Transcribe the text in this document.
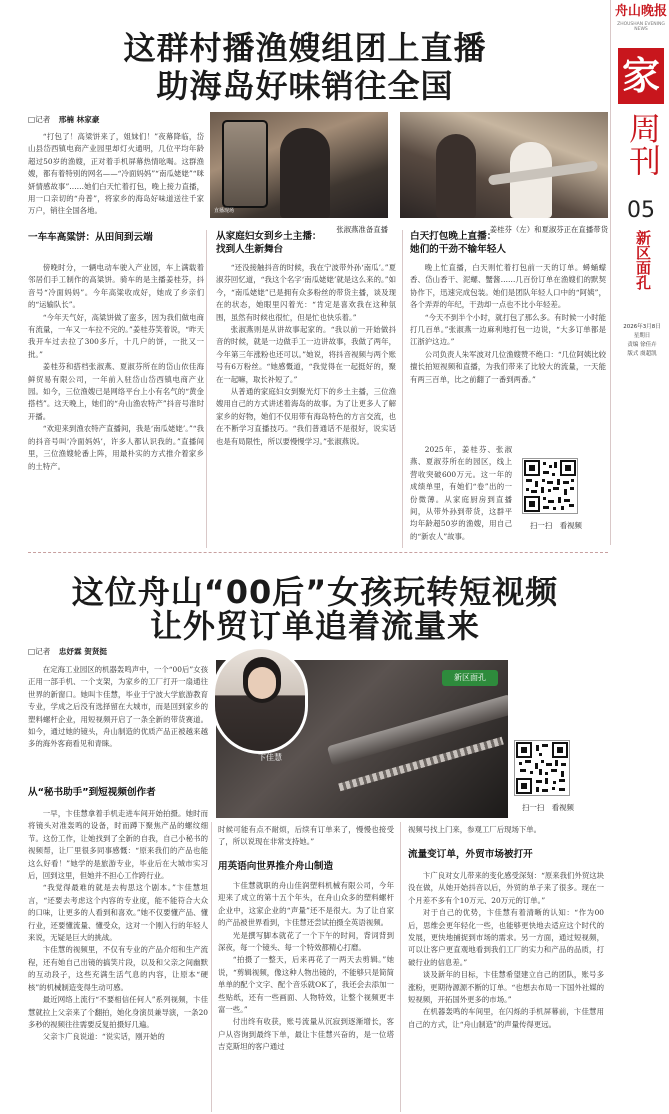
舟山晚报
ZHOUSHAN EVENING NEWS
家
周刊
05
新区面孔
2026年3月8日
星期日
责编 徐佳卉
版式 虞超凯
这群村播渔嫂组团上直播
助海岛好味销往全国
□记者 邢楠 林家豪

“打包了！高梁饼来了，姐妹们！”夜幕降临，岱山县岱西镇电商产业园里却灯火通明，几位平均年龄超过50岁的渔嫂，正对着手机屏幕热情吆喝。这群渔嫂，都有着特别的网名——“冷面妈妈”“南瓜姥姥”“咪妍情感故事”……她们白天忙着打包，晚上接力直播，用一口亲切的“舟普”，将家乡的海岛好味道送往千家万户，销往全国各地。	直播现场
张淑燕准备直播	姜桂芬（左）和夏淑芬正在直播带货
一车车高粱饼：从田间到云端

傍晚时分，一辆电动车驶入产业园，车上满载着邻居们手工制作的高粱饼。骑车的是主播姜桂芬，抖音号“冷面妈妈”。今年高粱收成好，她成了乡亲们的“运输队长”。

“今年天气好，高粱饼做了蛮多，因为我们做电商有流量，一车又一车拉不完的。”姜桂芬笑着说，“昨天我开车过去拉了300多斤，十几户的饼，一批又一批。”

姜桂芬和搭档张淑燕、夏淑芬所在的岱山依佳海鲜贸易有限公司，一年前入驻岱山岱西镇电商产业园。如今，三位渔嫂已是网络平台上小有名气的“黄金搭档”。这天晚上，她们的“舟山渔农特产”抖音号准时开播。

“欢迎来到渔农特产直播间，我是‘南瓜姥姥’。”“我的抖音号叫‘冷面妈妈’，许多人都认识我的。”直播间里，三位渔嫂轮番上阵，用最朴实的方式推介着家乡的土特产。

从家庭妇女到乡土主播：
找到人生新舞台

“还没接触抖音的时候，我在宁波带外孙‘南瓜’。”夏淑芬回忆道，“我这个名字‘南瓜姥姥’就是这么来的。”如今，“南瓜姥姥”已是拥有众多粉丝的带货主播，谈及现在的状态，她眼里闪着光：“肯定是喜欢我在这种氛围，虽然有时候也很忙，但是忙也快乐着。”

张淑燕则是从讲故事起家的。“我以前一开始做抖音的时候，就是一边做手工一边讲故事，我做了两年，今年第三年涨粉也还可以。”她说，将抖音视频与两个账号有6万粉丝。“她感慨道，“我觉得在一起挺好的，聚在一起嘛，取长补短了。”

从普通的家庭妇女到聚光灯下的乡土主播，三位渔嫂用自己的方式讲述着海岛的故事。为了让更多人了解家乡的好物，她们不仅用带有海岛特色的方言交流，也在不断学习直播技巧。“我们普通话不是很好，说实话也是有局限性，所以要慢慢学习。”张淑燕说。

白天打包晚上直播：
她们的干劲不输年轻人

晚上忙直播，白天则忙着打包前一天的订单。蟳蛹蠓香、岱山香干、泥螺、蟹酱……几百份订单在渔嫂们的默契协作下，迅速完成包装。她们是团队年轻人口中的“阿姨”，各个弄弄的年纪，干劲却一点也不比小年轻差。

“今天不到半个小时，就打包了那么多。有时候一小时能打几百单。”张淑燕一边麻利地打包一边说，“大多订单都是江浙沪这边。”

公司负责人朱军波对几位渔嫂赞不绝口：“几位阿姨比较擅长拍短视频和直播，为我们带来了比较大的流量，一天能有两三百单，比之前翻了一番到两番。”

2025年，姜桂芬、张淑燕、夏淑芬所在的园区，线上营收突破600万元。这一年的成绩单里，有她们“卷”出的一份微薄。从家庭厨房到直播间，从带外孙到带货，这群平均年龄超50岁的渔嫂，用自己的“新农人”故事。

扫一扫　看视频
这位舟山“00后”女孩玩转短视频
让外贸订单追着流量来
□记者 忠妤霖 贺贤挺

在定海工业园区的机器轰鸣声中，一个“00后”女孩正用一部手机、一个支架，为家乡的工厂打开一扇通往世界的新窗口。她叫卞佳慧，毕业于宁波大学旅游教育专业，学成之后没有选择留在大城市，而是回到家乡的塑料螺杆企业，用短视频开启了一条全新的带货赛道。如今，通过她的镜头，舟山制造的优质产品正被越来越多的海外客商看见和青睐。

新区面孔
卞佳慧
扫一扫　看视频
从“秘书助手”到短视频创作者

一早，卞佳慧拿着手机走进车间开始拍摄。她时而将镜头对准轰鸣的设备，时而蹲下聚焦产品的螺纹细节。这份工作，让她找到了全新的自我，自己小秘书的视频帮，让厂里很多同事感慨：“原来我们的产品也能这么好看！”她学的是旅游专业，毕业后在大城市实习后，回到这里，但她并不担心工作跨行业。

“我觉得最难的就是去构思这个剧本。”卞佳慧坦言，“还要去考虑这个内容的专业度，能不能符合大众的口味，让更多的人看到和喜欢。”她不仅要懂产品、懂行业，还要懂流量、懂受众，这对一个刚入行的年轻人来说，无疑是巨大的挑战。

卞佳慧的视频里，不仅有专业的产品介绍和生产流程，还有她自己出镜的搞笑片段，以及和父亲之间幽默的互动段子，这些充满生活气息的内容，让原本“硬核”的机械制造变得生动可感。

最近网络上流行“不要相信任何人”系列视频，卞佳慧就拉上父亲来了个翻拍，她化身演员兼导演，一条20多秒的视频往往需要反复拍摄好几遍。

父亲卞广良说道：“说实话，刚开始的

时候可能有点不耐烦，后续有订单来了，慢慢也接受了，所以说现在非常支持她。”

用英语向世界推介舟山制造

卞佳慧就职的舟山佳润塑料机械有限公司，今年迎来了成立的第十五个年头，在舟山众多的塑料螺杆企业中，这家企业的“声量”还不是很大。为了让自家的产品被世界看到，卞佳慧还尝试拍摄全英语视频。

光是撰写脚本就花了一个下午的时间，背词背到深夜，每一个镜头、每一个特效都精心打磨。

“拍摄了一整天，后来再花了一两天去剪辑。”她说，“剪辑视频，像这种人物出镜的，不能够只是简简单单的配个文字、配个音乐就OK了，我还会去添加一些贴纸，还有一些画面、人物特效，让整个视频更丰富一些。”

付出终有收获，账号流量从沉寂到逐渐增长，客户从咨询到最终下单，最让卞佳慧兴奋的，是一位塔吉克斯坦的客户通过

视频号找上门来，参观工厂后现场下单。

流量变订单，外贸市场被打开

卞广良对女儿带来的变化感受深刻：“原来我们外贸这块没在做，从她开始抖音以后，外贸的单子来了很多。现在一个月差不多有个10万元、20万元的订单。”

对于自己的优势，卞佳慧有着清晰的认知：“作为00后，思维会更年轻化一些，也能够更快地去适应这个时代的发展，更快地捕捉到市场的需求。另一方面，通过短视频，可以让客户更直观地看到我们工厂的实力和产品的品质，打破行业的信息差。”

谈及新年的目标，卞佳慧希望建立自己的团队，账号多涨粉，更期待源源不断的订单。“也想去布局一下国外社媒的短视频，开拓国外更多的市场。”

在机器轰鸣的车间里，在闪烁的手机屏幕前，卞佳慧用自己的方式，让“舟山制造”的声量传得更远。
